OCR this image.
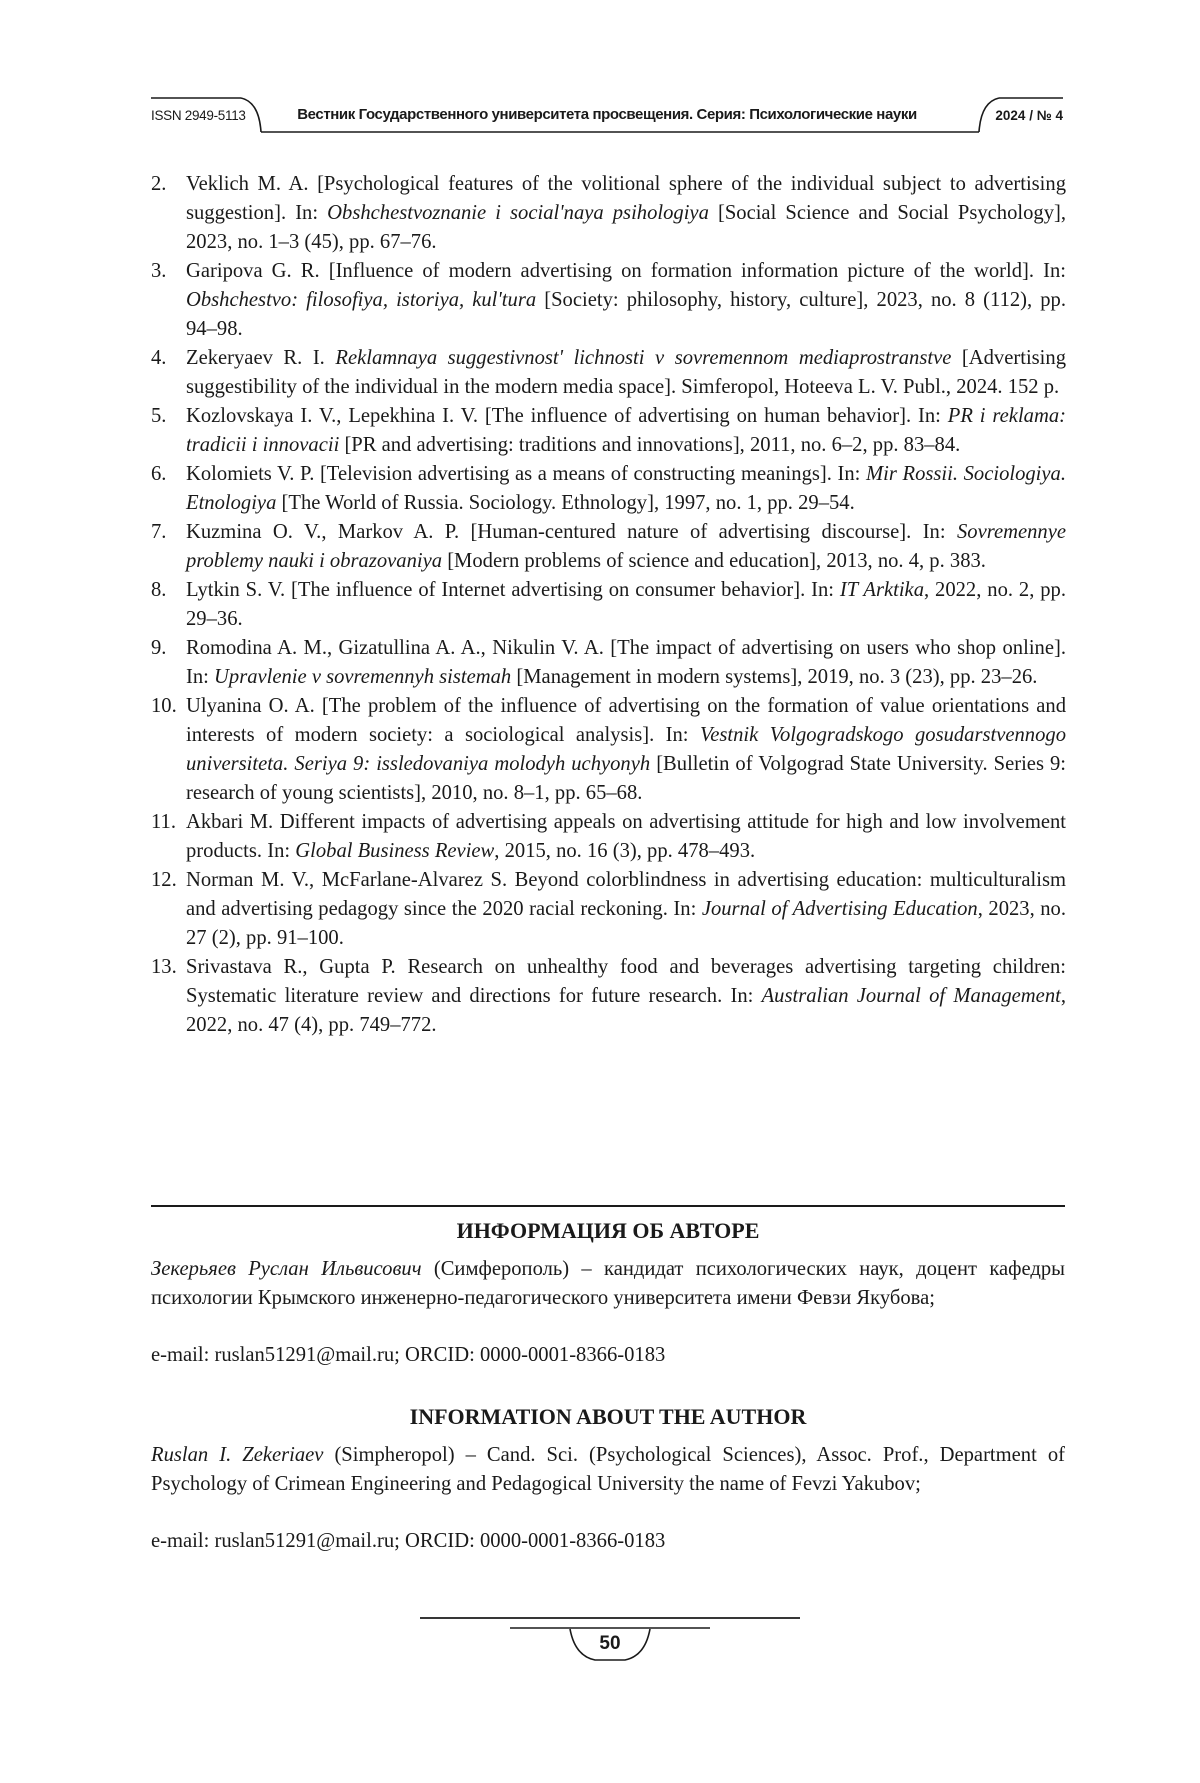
ISSN 2949-5113	Вестник Государственного университета просвещения. Серия: Психологические науки	2024 / № 4
2. Veklich M. A. [Psychological features of the volitional sphere of the individual subject to advertising suggestion]. In: Obshchestvoznanie i social'naya psihologiya [Social Science and Social Psychology], 2023, no. 1–3 (45), pp. 67–76.
3. Garipova G. R. [Influence of modern advertising on formation information picture of the world]. In: Obshchestvo: filosofiya, istoriya, kul'tura [Society: philosophy, history, culture], 2023, no. 8 (112), pp. 94–98.
4. Zekeryaev R. I. Reklamnaya suggestivnost' lichnosti v sovremennom mediaprostranstve [Advertising suggestibility of the individual in the modern media space]. Simferopol, Hoteeva L. V. Publ., 2024. 152 p.
5. Kozlovskaya I. V., Lepekhina I. V. [The influence of advertising on human behavior]. In: PR i reklama: tradicii i innovacii [PR and advertising: traditions and innovations], 2011, no. 6–2, pp. 83–84.
6. Kolomiets V. P. [Television advertising as a means of constructing meanings]. In: Mir Rossii. Sociologiya. Etnologiya [The World of Russia. Sociology. Ethnology], 1997, no. 1, pp. 29–54.
7. Kuzmina O. V., Markov A. P. [Human-centured nature of advertising discourse]. In: Sovremennye problemy nauki i obrazovaniya [Modern problems of science and education], 2013, no. 4, p. 383.
8. Lytkin S. V. [The influence of Internet advertising on consumer behavior]. In: IT Arktika, 2022, no. 2, pp. 29–36.
9. Romodina A. M., Gizatullina A. A., Nikulin V. A. [The impact of advertising on users who shop online]. In: Upravlenie v sovremennyh sistemah [Management in modern systems], 2019, no. 3 (23), pp. 23–26.
10. Ulyanina O. A. [The problem of the influence of advertising on the formation of value orientations and interests of modern society: a sociological analysis]. In: Vestnik Volgogradskogo gosudarstvennogo universiteta. Seriya 9: issledovaniya molodyh uchyonyh [Bulletin of Volgograd State University. Series 9: research of young scientists], 2010, no. 8–1, pp. 65–68.
11. Akbari M. Different impacts of advertising appeals on advertising attitude for high and low involvement products. In: Global Business Review, 2015, no. 16 (3), pp. 478–493.
12. Norman M. V., McFarlane-Alvarez S. Beyond colorblindness in advertising education: multiculturalism and advertising pedagogy since the 2020 racial reckoning. In: Journal of Advertising Education, 2023, no. 27 (2), pp. 91–100.
13. Srivastava R., Gupta P. Research on unhealthy food and beverages advertising targeting children: Systematic literature review and directions for future research. In: Australian Journal of Management, 2022, no. 47 (4), pp. 749–772.
ИНФОРМАЦИЯ ОБ АВТОРЕ
Зекерьяев Руслан Ильвисович (Симферополь) – кандидат психологических наук, доцент кафедры психологии Крымского инженерно-педагогического университета имени Февзи Якубова;
e-mail: ruslan51291@mail.ru; ORCID: 0000-0001-8366-0183
INFORMATION ABOUT THE AUTHOR
Ruslan I. Zekeriaev (Simpheropol) – Cand. Sci. (Psychological Sciences), Assoc. Prof., Department of Psychology of Crimean Engineering and Pedagogical University the name of Fevzi Yakubov;
e-mail: ruslan51291@mail.ru; ORCID: 0000-0001-8366-0183
50
